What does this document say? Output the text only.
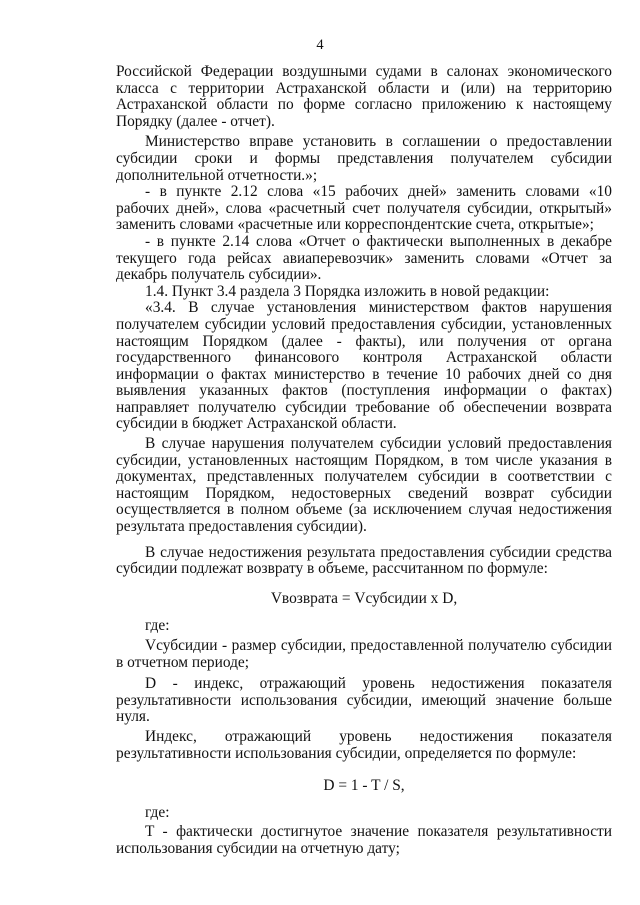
4

Российской Федерации воздушными судами в салонах экономического класса с территории Астраханской области и (или) на территорию Астраханской области по форме согласно приложению к настоящему Порядку (далее - отчет).

Министерство вправе установить в соглашении о предоставлении субсидии сроки и формы представления получателем субсидии дополнительной отчетности.»;

- в пункте 2.12 слова «15 рабочих дней» заменить словами «10 рабочих дней», слова «расчетный счет получателя субсидии, открытый» заменить словами «расчетные или корреспондентские счета, открытые»;

- в пункте 2.14 слова «Отчет о фактически выполненных в декабре текущего года рейсах авиаперевозчик» заменить словами «Отчет за декабрь получатель субсидии».

1.4. Пункт 3.4 раздела 3 Порядка изложить в новой редакции:

«3.4. В случае установления министерством фактов нарушения получателем субсидии условий предоставления субсидии, установленных настоящим Порядком (далее - факты), или получения от органа государственного финансового контроля Астраханской области информации о фактах министерство в течение 10 рабочих дней со дня выявления указанных фактов (поступления информации о фактах) направляет получателю субсидии требование об обеспечении возврата субсидии в бюджет Астраханской области.

В случае нарушения получателем субсидии условий предоставления субсидии, установленных настоящим Порядком, в том числе указания в документах, представленных получателем субсидии в соответствии с настоящим Порядком, недостоверных сведений возврат субсидии осуществляется в полном объеме (за исключением случая недостижения результата предоставления субсидии).

В случае недостижения результата предоставления субсидии средства субсидии подлежат возврату в объеме, рассчитанном по формуле:

Vвозврата = Vсубсидии x D,

где:

Vсубсидии - размер субсидии, предоставленной получателю субсидии в отчетном периоде;

D - индекс, отражающий уровень недостижения показателя результативности использования субсидии, имеющий значение больше нуля.

Индекс, отражающий уровень недостижения показателя результативности использования субсидии, определяется по формуле:

D = 1 - T / S,

где:

T - фактически достигнутое значение показателя результативности использования субсидии на отчетную дату;
